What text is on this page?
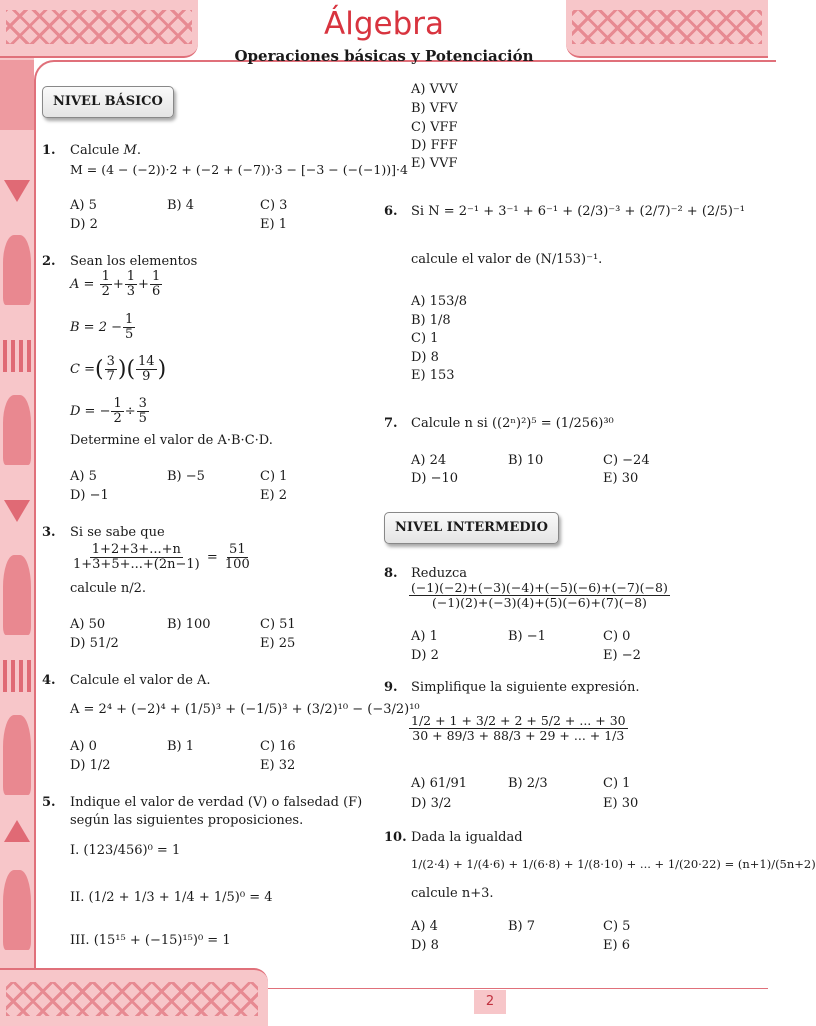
2
Álgebra
Operaciones básicas y Potenciación
NIVEL BÁSICO
1. Calcule M.
M = (4 − (−2))·2 + (−2 + (−7))·3 − [−3 − (−(−1))]·4
A) 5	B) 4	C) 3
D) 2	E) 1
2. Sean los elementos
$A = \frac{1}{2} + \frac{1}{3} + \frac{1}{6}$
$B = 2 - \frac{1}{5}$
C =( $\frac{3}{7}$ )( $\frac{14}{9}$ )
D = − $\frac{1}{2} \div \frac{3}{5}$
Determine el valor de A·B·C·D.
A) 5	B) −5	C) 1
D) −1	E) 2
3. Si se sabe que
$\frac{1+2+3+...+n}{1+3+5+...+(2n-1)} = \frac{51}{100}$
calcule n/2.
A) 50	B) 100	C) 51
D) 51/2	E) 25
4. Calcule el valor de A.
A = 2⁴ + (−2)⁴ + (1/5)³ + (−1/5)³ + (3/2)¹⁰ − (−3/2)¹⁰
A) 0	B) 1	C) 16
D) 1/2	E) 32
5. Indique el valor de verdad (V) o falsedad (F)
según las siguientes proposiciones.
I. (123/456)⁰ = 1
II. (1/2 + 1/3 + 1/4 + 1/5)⁰ = 4
III. (15¹⁵ + (−15)¹⁵)⁰ = 1
A) VVV
B) VFV
C) VFF
D) FFF
E) VVF
6. Si N = 2⁻¹ + 3⁻¹ + 6⁻¹ + (2/3)⁻³ + (2/7)⁻² + (2/5)⁻¹
calcule el valor de (N/153)⁻¹.
A) 153/8
B) 1/8
C) 1
D) 8
E) 153
7. Calcule n si ((2ⁿ)²)⁵ = (1/256)³⁰
A) 24	B) 10	C) −24
D) −10	E) 30
NIVEL INTERMEDIO
8. Reduzca
$\frac{(-1)(-2)+(-3)(-4)+(-5)(-6)+(-7)(-8)}{(-1)(2)+(-3)(4)+(5)(-6)+(7)(-8)}$
A) 1	B) −1	C) 0
D) 2	E) −2
9. Simplifique la siguiente expresión.
$\frac{1/2 + 1 + 3/2 + 2 + 5/2 + ... + 30}{30 + 89/3 + 88/3 + 29 + ... + 1/3}$
A) 61/91	B) 2/3	C) 1
D) 3/2	E) 30
10. Dada la igualdad
1/(2·4) + 1/(4·6) + 1/(6·8) + 1/(8·10) + ... + 1/(20·22) = (n+1)/(5n+2)
calcule n+3.
A) 4	B) 7	C) 5
D) 8	E) 6
